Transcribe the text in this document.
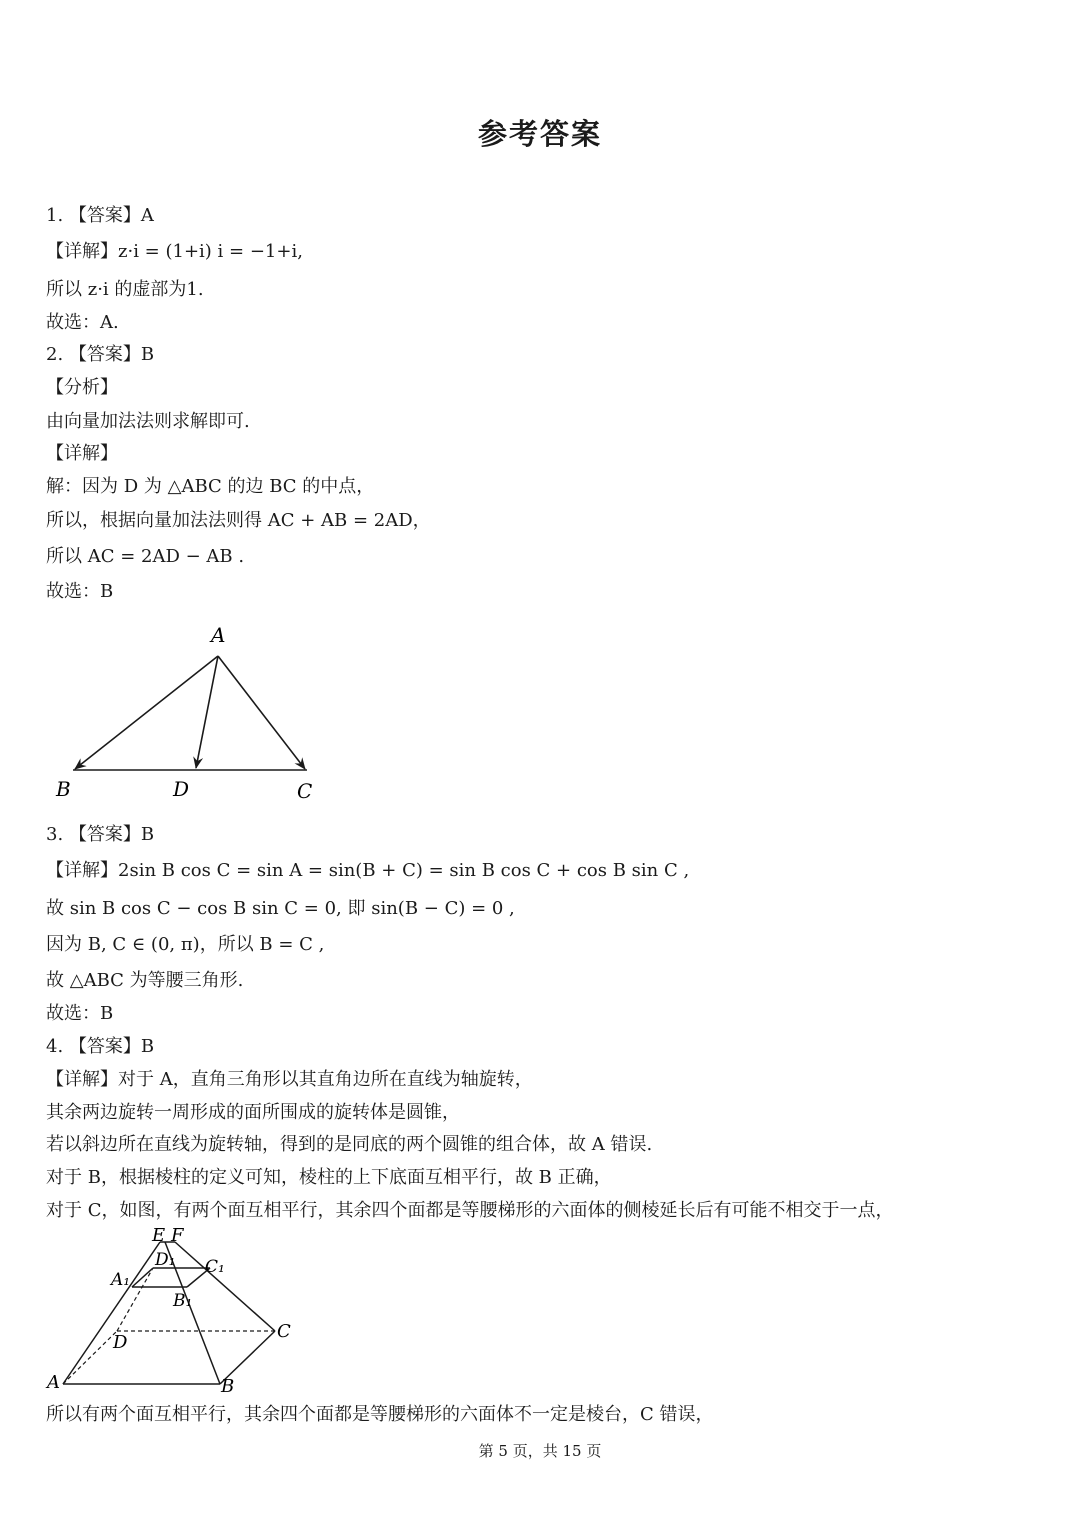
参考答案
1. 【答案】A
【详解】z·i = (1+i) i = −1+i,
所以 z·i 的虚部为1.
故选：A.
2. 【答案】B
【分析】
由向量加法法则求解即可.
【详解】
解：因为 D 为 △ABC 的边 BC 的中点，
所以，根据向量加法法则得 AC + AB = 2AD，
所以 AC = 2AD − AB .
故选：B
A
B	D	C
3. 【答案】B
【详解】2sin B cos C = sin A = sin(B + C) = sin B cos C + cos B sin C ,
故 sin B cos C − cos B sin C = 0, 即 sin(B − C) = 0 ,
因为 B, C ∈ (0, π)，所以 B = C ,
故 △ABC 为等腰三角形.
故选：B
4. 【答案】B
【详解】对于 A，直角三角形以其直角边所在直线为轴旋转，
其余两边旋转一周形成的面所围成的旋转体是圆锥，
若以斜边所在直线为旋转轴，得到的是同底的两个圆锥的组合体，故 A 错误.
对于 B，根据棱柱的定义可知，棱柱的上下底面互相平行，故 B 正确，
对于 C，如图，有两个面互相平行，其余四个面都是等腰梯形的六面体的侧棱延长后有可能不相交于一点，
E F
D₁ C₁
A₁
B₁
D
C
A	B
所以有两个面互相平行，其余四个面都是等腰梯形的六面体不一定是棱台，C 错误，
第 5 页，共 15 页
